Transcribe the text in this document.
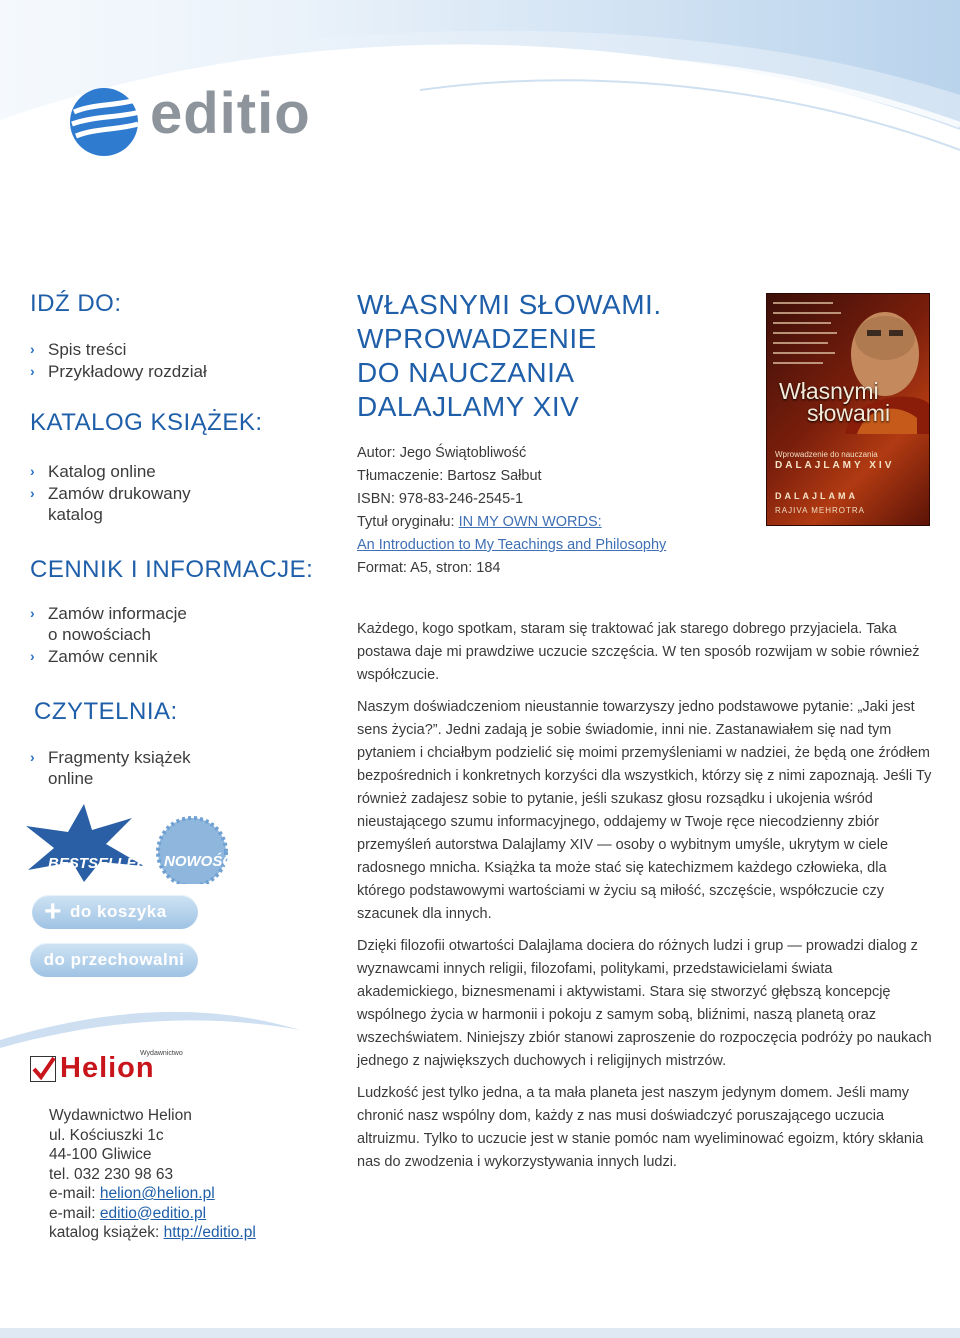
editio
IDŹ DO:
› Spis treści
› Przykładowy rozdział
KATALOG KSIĄŻEK:
› Katalog online
› Zamów drukowany katalog
CENNIK I INFORMACJE:
› Zamów informacje o nowościach
› Zamów cennik
CZYTELNIA:
› Fragmenty książek online
BESTSELLER NOWOŚĆ
+ do koszyka
do przechowalni
Wydawnictwo
Helion
Wydawnictwo Helion
ul. Kościuszki 1c
44-100 Gliwice
tel. 032 230 98 63
e-mail: helion@helion.pl
e-mail: editio@editio.pl
katalog książek: http://editio.pl
WŁASNYMI SŁOWAMI.
WPROWADZENIE
DO NAUCZANIA
DALAJLAMY XIV
Autor: Jego Świątobliwość
Tłumaczenie: Bartosz Sałbut
ISBN: 978-83-246-2545-1
Tytuł oryginału: IN MY OWN WORDS:
An Introduction to My Teachings and Philosophy
Format: A5, stron: 184
Własnymi
słowami
Wprowadzenie do nauczania
DALAJLAMY XIV
DALAJLAMA
RAJIVA MEHROTRA

Każdego, kogo spotkam, staram się traktować jak starego dobrego przyjaciela. Taka postawa daje mi prawdziwe uczucie szczęścia. W ten sposób rozwijam w sobie również współczucie.

Naszym doświadczeniom nieustannie towarzyszy jedno podstawowe pytanie: „Jaki jest sens życia?”. Jedni zadają je sobie świadomie, inni nie. Zastanawiałem się nad tym pytaniem i chciałbym podzielić się moimi przemyśleniami w nadziei, że będą one źródłem bezpośrednich i konkretnych korzyści dla wszystkich, którzy się z nimi zapoznają. Jeśli Ty również zadajesz sobie to pytanie, jeśli szukasz głosu rozsądku i ukojenia wśród nieustającego szumu informacyjnego, oddajemy w Twoje ręce niecodzienny zbiór przemyśleń autorstwa Dalajlamy XIV — osoby o wybitnym umyśle, ukrytym w ciele radosnego mnicha. Książka ta może stać się katechizmem każdego człowieka, dla którego podstawowymi wartościami w życiu są miłość, szczęście, współczucie czy szacunek dla innych.

Dzięki filozofii otwartości Dalajlama dociera do różnych ludzi i grup — prowadzi dialog z wyznawcami innych religii, filozofami, politykami, przedstawicielami świata akademickiego, biznesmenami i aktywistami. Stara się stworzyć głębszą koncepcję wspólnego życia w harmonii i pokoju z samym sobą, bliźnimi, naszą planetą oraz wszechświatem. Niniejszy zbiór stanowi zaproszenie do rozpoczęcia podróży po naukach jednego z największych duchowych i religijnych mistrzów.

Ludzkość jest tylko jedna, a ta mała planeta jest naszym jedynym domem. Jeśli mamy chronić nasz wspólny dom, każdy z nas musi doświadczyć poruszającego uczucia altruizmu. Tylko to uczucie jest w stanie pomóc nam wyeliminować egoizm, który skłania nas do zwodzenia i wykorzystywania innych ludzi.
